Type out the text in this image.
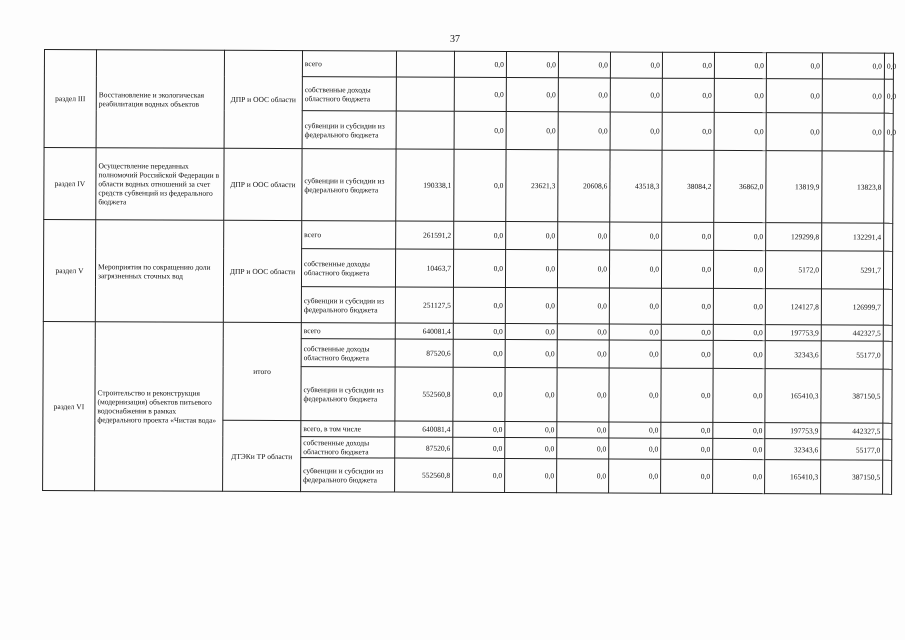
37
раздел III	Восстановление и экологическая реабилитация водных объектов	ДПР и ООС области	всего		0,0	0,0	0,0	0,0	0,0	0,0	0,0	0,0	0,0
			собственные доходы областного бюджета		0,0	0,0	0,0	0,0	0,0	0,0	0,0	0,0	0,0
			субвенции и субсидии из федерального бюджета		0,0	0,0	0,0	0,0	0,0	0,0	0,0	0,0	0,0
раздел IV	Осуществление переданных полномочий Российской Федерации в области водных отношений за счет средств субвенций из федерального бюджета	ДПР и ООС области	субвенции и субсидии из федерального бюджета	190338,1	0,0	23621,3	20608,6	43518,3	38084,2	36862,0	13819,9	13823,8	
раздел V	Мероприятия по сокращению доли загрязненных сточных вод	ДПР и ООС области	всего	261591,2	0,0	0,0	0,0	0,0	0,0	0,0	129299,8	132291,4	
			собственные доходы областного бюджета	10463,7	0,0	0,0	0,0	0,0	0,0	0,0	5172,0	5291,7	
			субвенции и субсидии из федерального бюджета	251127,5	0,0	0,0	0,0	0,0	0,0	0,0	124127,8	126999,7	
раздел VI	Строительство и реконструкция (модернизация) объектов питьевого водоснабжения в рамках федерального проекта «Чистая вода»	итого	всего	640081,4	0,0	0,0	0,0	0,0	0,0	0,0	197753,9	442327,5	
			собственные доходы областного бюджета	87520,6	0,0	0,0	0,0	0,0	0,0	0,0	32343,6	55177,0	
			субвенции и субсидии из федерального бюджета	552560,8	0,0	0,0	0,0	0,0	0,0	0,0	165410,3	387150,5	
		ДТЭКи ТР области	всего, в том числе	640081,4	0,0	0,0	0,0	0,0	0,0	0,0	197753,9	442327,5	
			собственные доходы областного бюджета	87520,6	0,0	0,0	0,0	0,0	0,0	0,0	32343,6	55177,0	
			субвенции и субсидии из федерального бюджета	552560,8	0,0	0,0	0,0	0,0	0,0	0,0	165410,3	387150,5	
